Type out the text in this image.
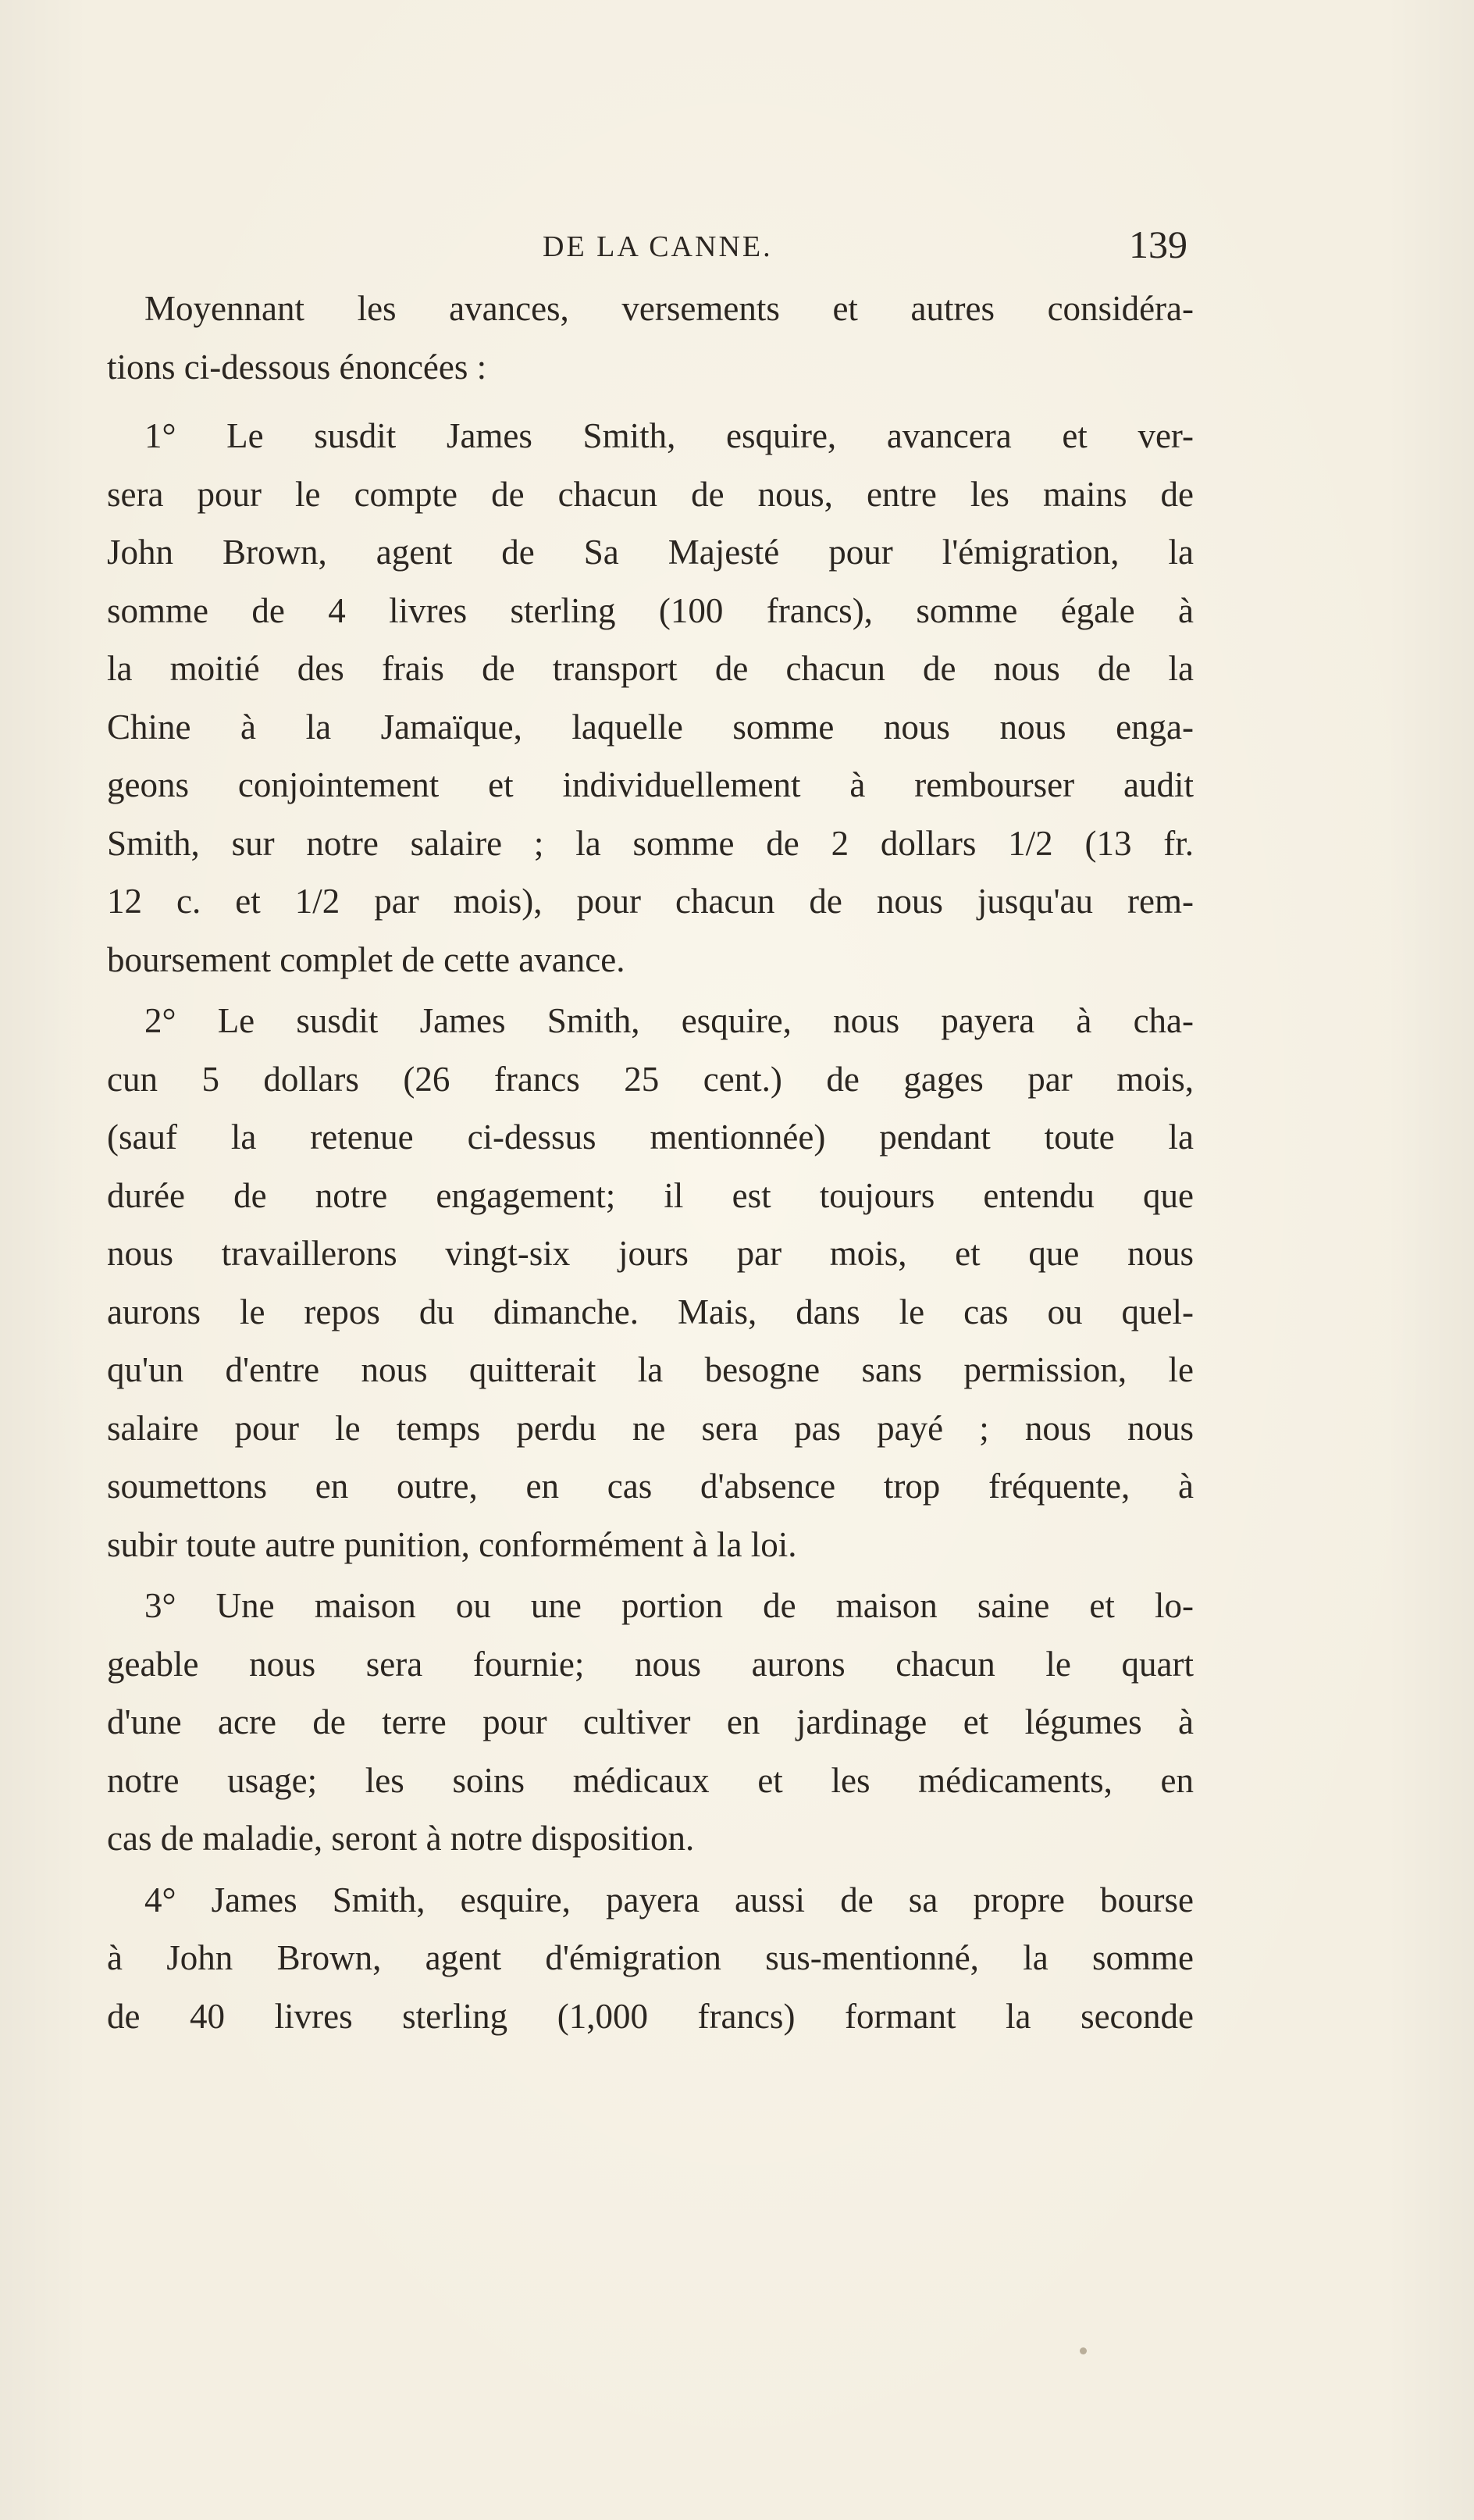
DE LA CANNE.	139
Moyennant les avances, versements et autres considéra-
tions ci-dessous énoncées :
1° Le susdit James Smith, esquire, avancera et ver-
sera pour le compte de chacun de nous, entre les mains de
John Brown, agent de Sa Majesté pour l'émigration, la
somme de 4 livres sterling (100 francs), somme égale à
la moitié des frais de transport de chacun de nous de la
Chine à la Jamaïque, laquelle somme nous nous enga-
geons conjointement et individuellement à rembourser audit
Smith, sur notre salaire ; la somme de 2 dollars 1/2 (13 fr.
12 c. et 1/2 par mois), pour chacun de nous jusqu'au rem-
boursement complet de cette avance.
2° Le susdit James Smith, esquire, nous payera à cha-
cun 5 dollars (26 francs 25 cent.) de gages par mois,
(sauf la retenue ci-dessus mentionnée) pendant toute la
durée de notre engagement; il est toujours entendu que
nous travaillerons vingt-six jours par mois, et que nous
aurons le repos du dimanche. Mais, dans le cas ou quel-
qu'un d'entre nous quitterait la besogne sans permission, le
salaire pour le temps perdu ne sera pas payé ; nous nous
soumettons en outre, en cas d'absence trop fréquente, à
subir toute autre punition, conformément à la loi.
3° Une maison ou une portion de maison saine et lo-
geable nous sera fournie; nous aurons chacun le quart
d'une acre de terre pour cultiver en jardinage et légumes à
notre usage; les soins médicaux et les médicaments, en
cas de maladie, seront à notre disposition.
4° James Smith, esquire, payera aussi de sa propre bourse
à John Brown, agent d'émigration sus-mentionné, la somme
de 40 livres sterling (1,000 francs) formant la seconde
